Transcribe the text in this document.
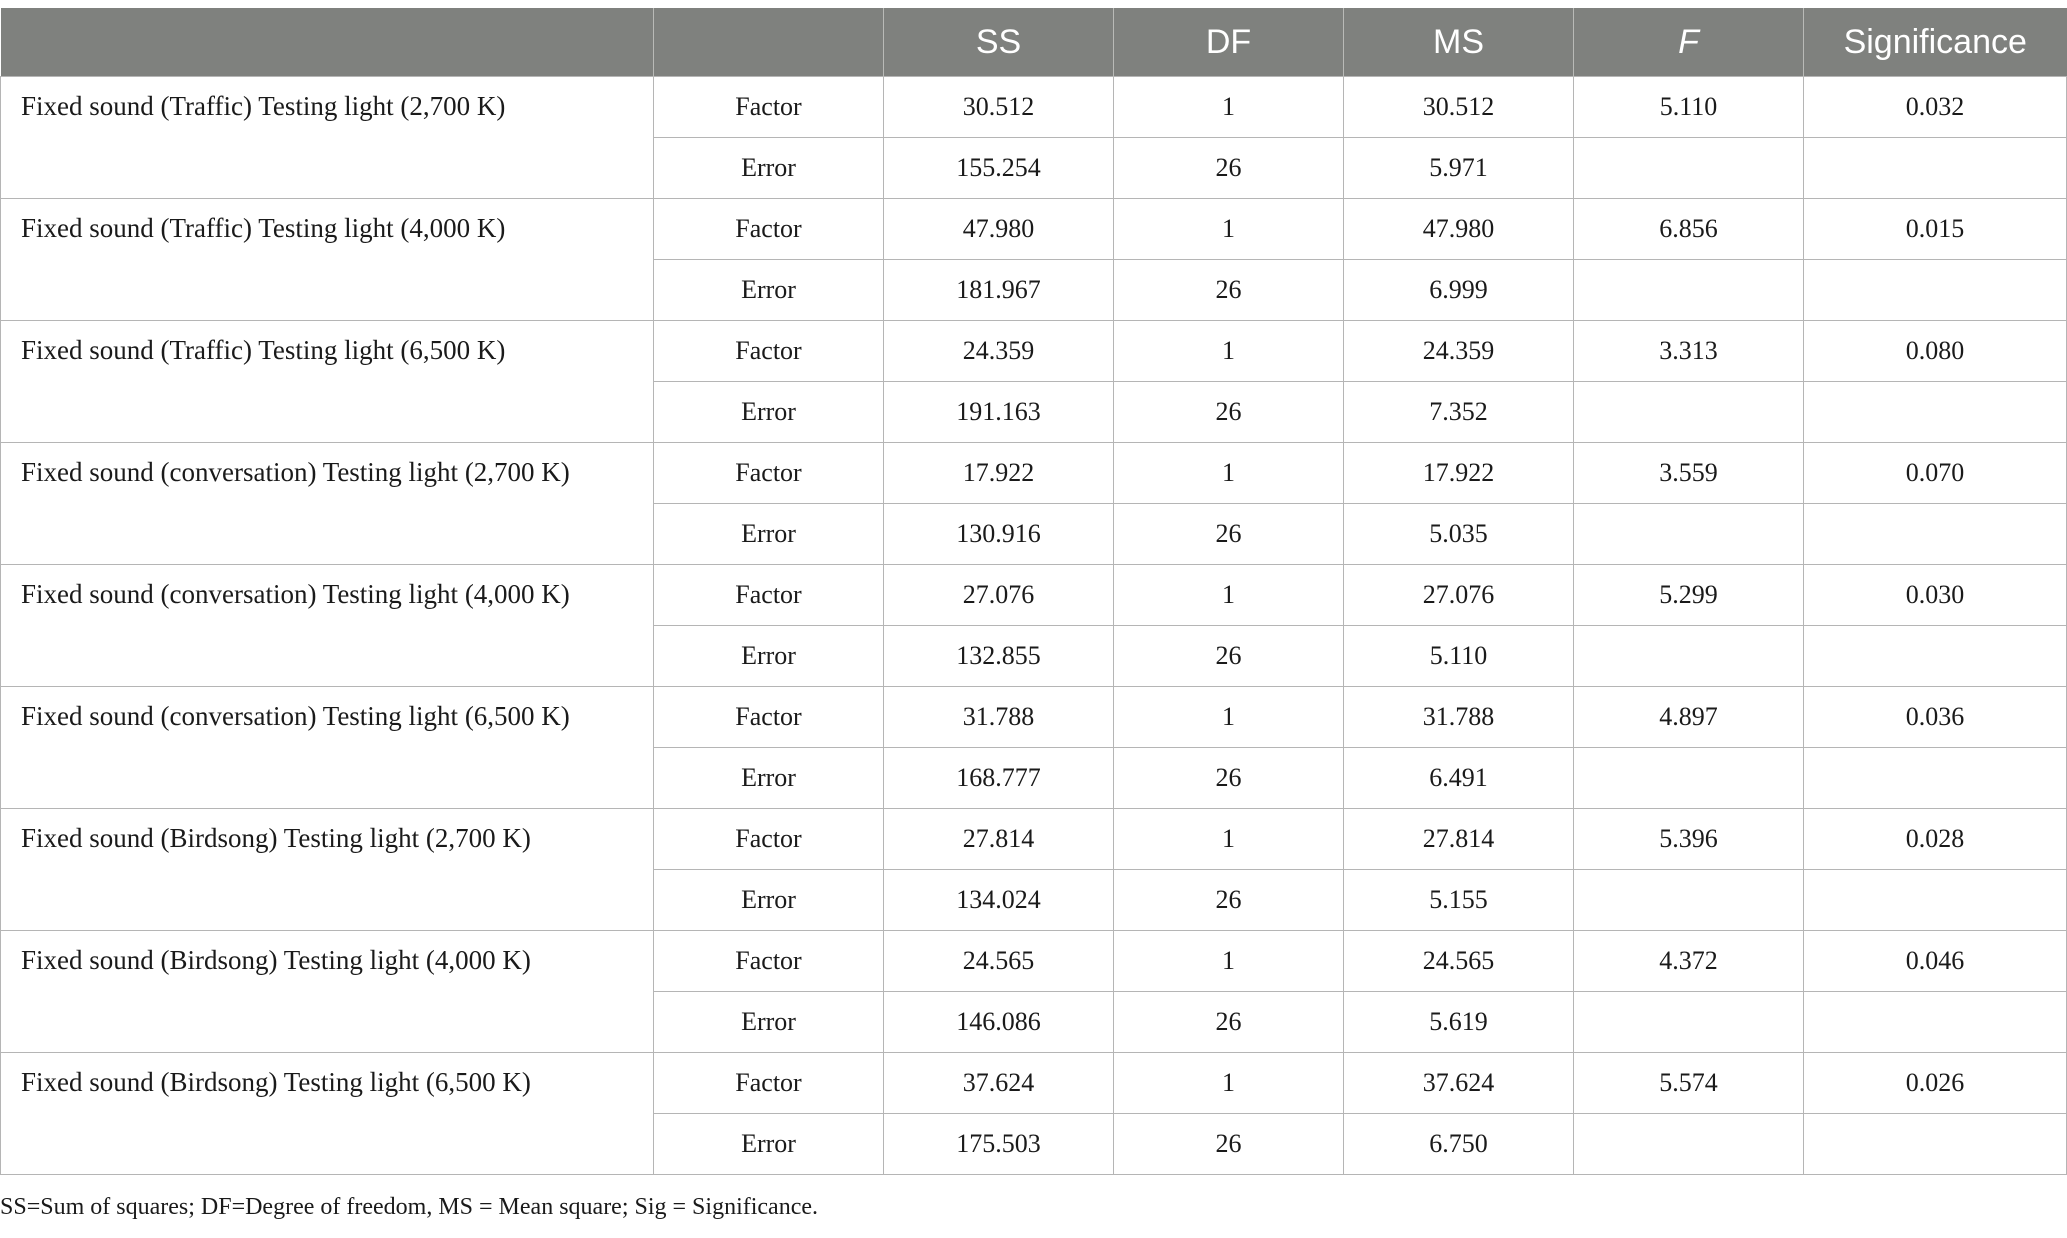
		SS	DF	MS	F	Significance
Fixed sound (Traffic) Testing light (2,700 K)	Factor	30.512	1	30.512	5.110	0.032
	Error	155.254	26	5.971		
Fixed sound (Traffic) Testing light (4,000 K)	Factor	47.980	1	47.980	6.856	0.015
	Error	181.967	26	6.999		
Fixed sound (Traffic) Testing light (6,500 K)	Factor	24.359	1	24.359	3.313	0.080
	Error	191.163	26	7.352		
Fixed sound (conversation) Testing light (2,700 K)	Factor	17.922	1	17.922	3.559	0.070
	Error	130.916	26	5.035		
Fixed sound (conversation) Testing light (4,000 K)	Factor	27.076	1	27.076	5.299	0.030
	Error	132.855	26	5.110		
Fixed sound (conversation) Testing light (6,500 K)	Factor	31.788	1	31.788	4.897	0.036
	Error	168.777	26	6.491		
Fixed sound (Birdsong) Testing light (2,700 K)	Factor	27.814	1	27.814	5.396	0.028
	Error	134.024	26	5.155		
Fixed sound (Birdsong) Testing light (4,000 K)	Factor	24.565	1	24.565	4.372	0.046
	Error	146.086	26	5.619		
Fixed sound (Birdsong) Testing light (6,500 K)	Factor	37.624	1	37.624	5.574	0.026
	Error	175.503	26	6.750		
SS=Sum of squares; DF=Degree of freedom, MS = Mean square; Sig = Significance.
